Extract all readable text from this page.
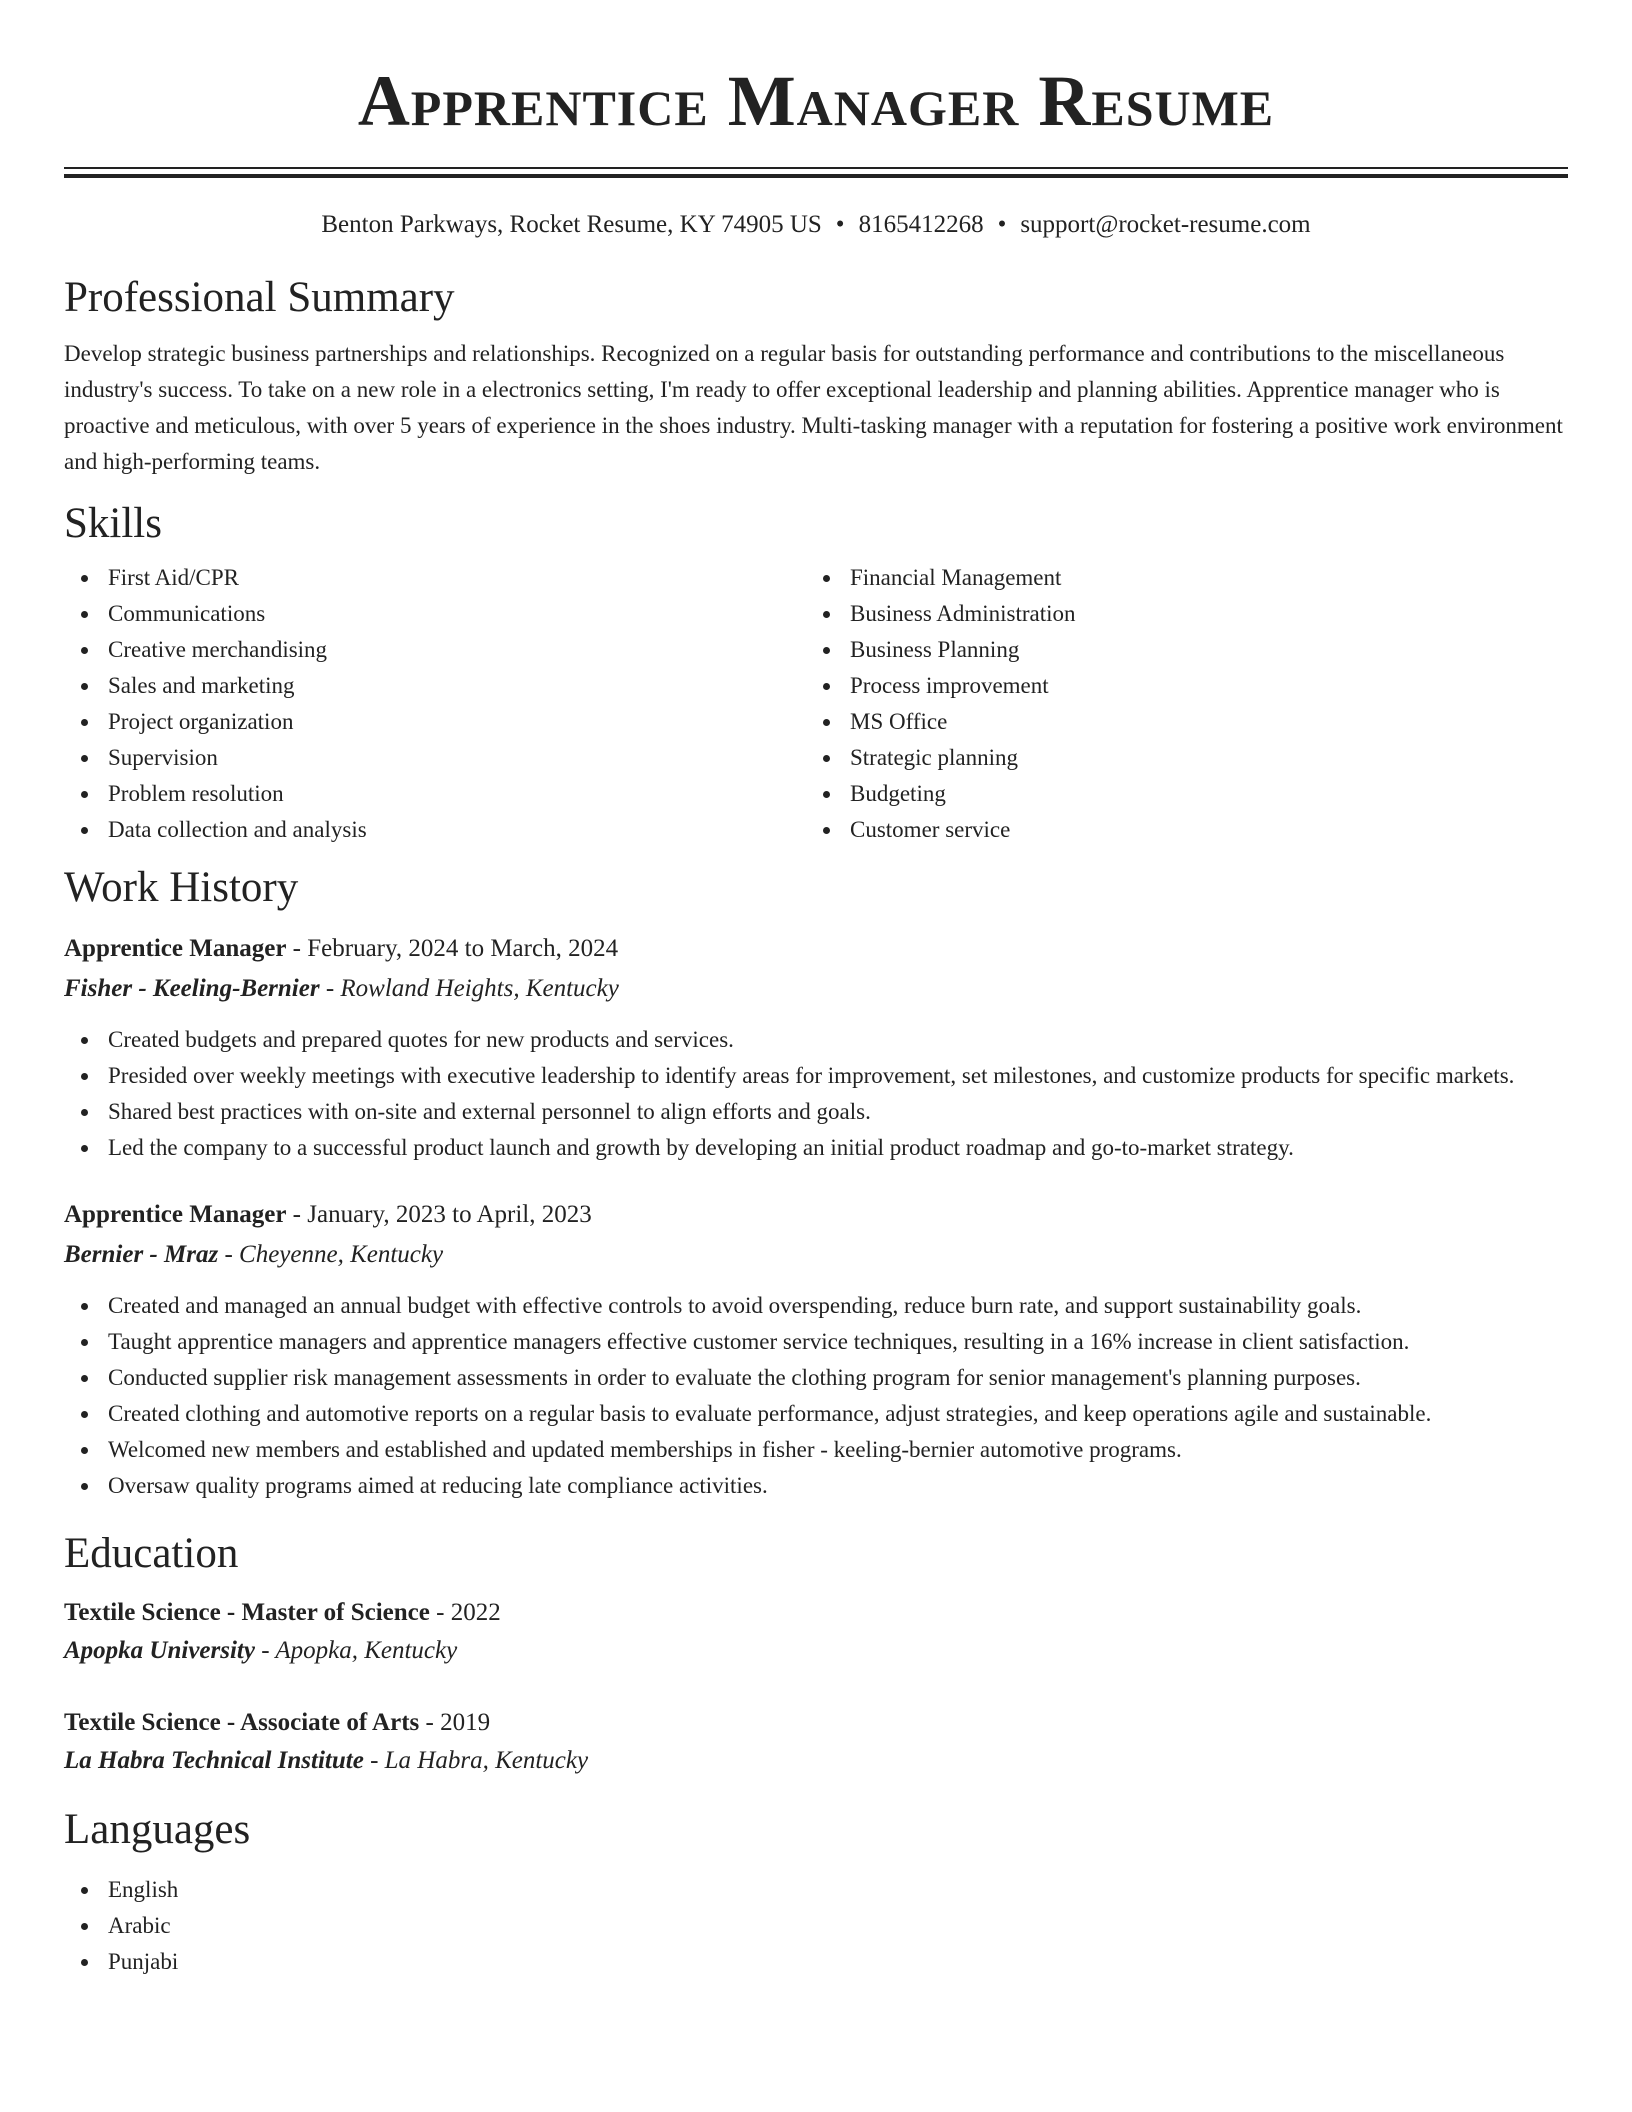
Apprentice Manager Resume
Benton Parkways, Rocket Resume, KY 74905 US • 8165412268 • support@rocket-resume.com
Professional Summary

Develop strategic business partnerships and relationships. Recognized on a regular basis for outstanding performance and contributions to the miscellaneous industry's success. To take on a new role in a electronics setting, I'm ready to offer exceptional leadership and planning abilities. Apprentice manager who is proactive and meticulous, with over 5 years of experience in the shoes industry. Multi-tasking manager with a reputation for fostering a positive work environment and high-performing teams.

Skills
First Aid/CPR
Communications
Creative merchandising
Sales and marketing
Project organization
Supervision
Problem resolution
Data collection and analysis
Financial Management
Business Administration
Business Planning
Process improvement
MS Office
Strategic planning
Budgeting
Customer service
Work History
Apprentice Manager - February, 2024 to March, 2024
Fisher - Keeling-Bernier - Rowland Heights, Kentucky
Created budgets and prepared quotes for new products and services.
Presided over weekly meetings with executive leadership to identify areas for improvement, set milestones, and customize products for specific markets.
Shared best practices with on-site and external personnel to align efforts and goals.
Led the company to a successful product launch and growth by developing an initial product roadmap and go-to-market strategy.
Apprentice Manager - January, 2023 to April, 2023
Bernier - Mraz - Cheyenne, Kentucky
Created and managed an annual budget with effective controls to avoid overspending, reduce burn rate, and support sustainability goals.
Taught apprentice managers and apprentice managers effective customer service techniques, resulting in a 16% increase in client satisfaction.
Conducted supplier risk management assessments in order to evaluate the clothing program for senior management's planning purposes.
Created clothing and automotive reports on a regular basis to evaluate performance, adjust strategies, and keep operations agile and sustainable.
Welcomed new members and established and updated memberships in fisher - keeling-bernier automotive programs.
Oversaw quality programs aimed at reducing late compliance activities.
Education
Textile Science - Master of Science - 2022
Apopka University - Apopka, Kentucky
Textile Science - Associate of Arts - 2019
La Habra Technical Institute - La Habra, Kentucky
Languages
English
Arabic
Punjabi
